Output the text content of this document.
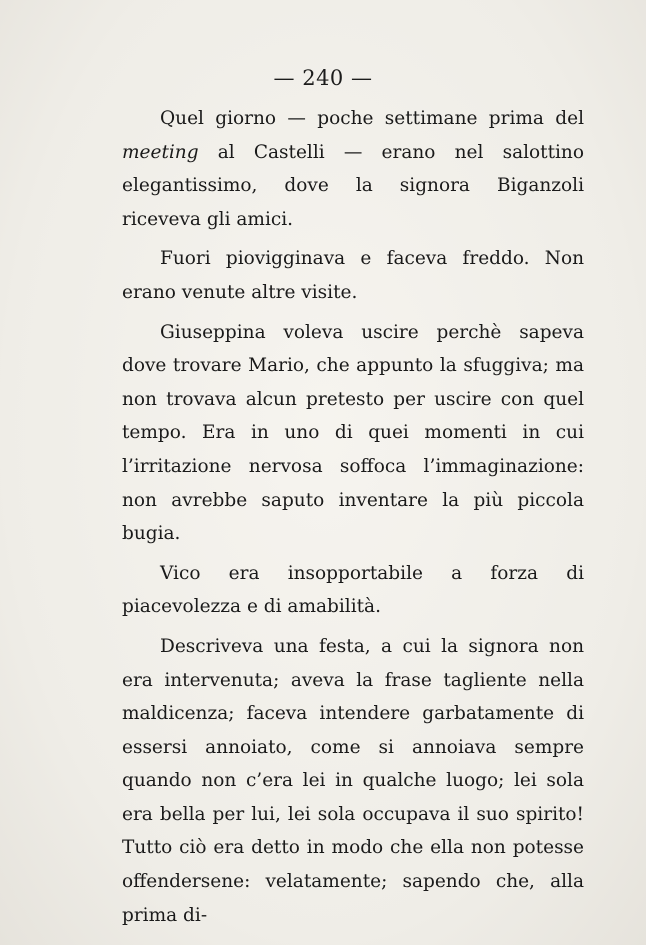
— 240 —

Quel giorno — poche settimane prima del meeting al Castelli — erano nel salottino elegantissimo, dove la signora Biganzoli riceveva gli amici.

Fuori piovigginava e faceva freddo. Non erano venute altre visite.

Giuseppina voleva uscire perchè sapeva dove trovare Mario, che appunto la sfuggiva; ma non trovava alcun pretesto per uscire con quel tempo. Era in uno di quei momenti in cui l’irritazione nervosa soffoca l’immaginazione: non avrebbe saputo inventare la più piccola bugia.

Vico era insopportabile a forza di piacevolezza e di amabilità.

Descriveva una festa, a cui la signora non era intervenuta; aveva la frase tagliente nella maldicenza; faceva intendere garbatamente di essersi annoiato, come si annoiava sempre quando non c’era lei in qualche luogo; lei sola era bella per lui, lei sola occupava il suo spirito! Tutto ciò era detto in modo che ella non potesse offendersene: velatamente; sapendo che, alla prima di-
